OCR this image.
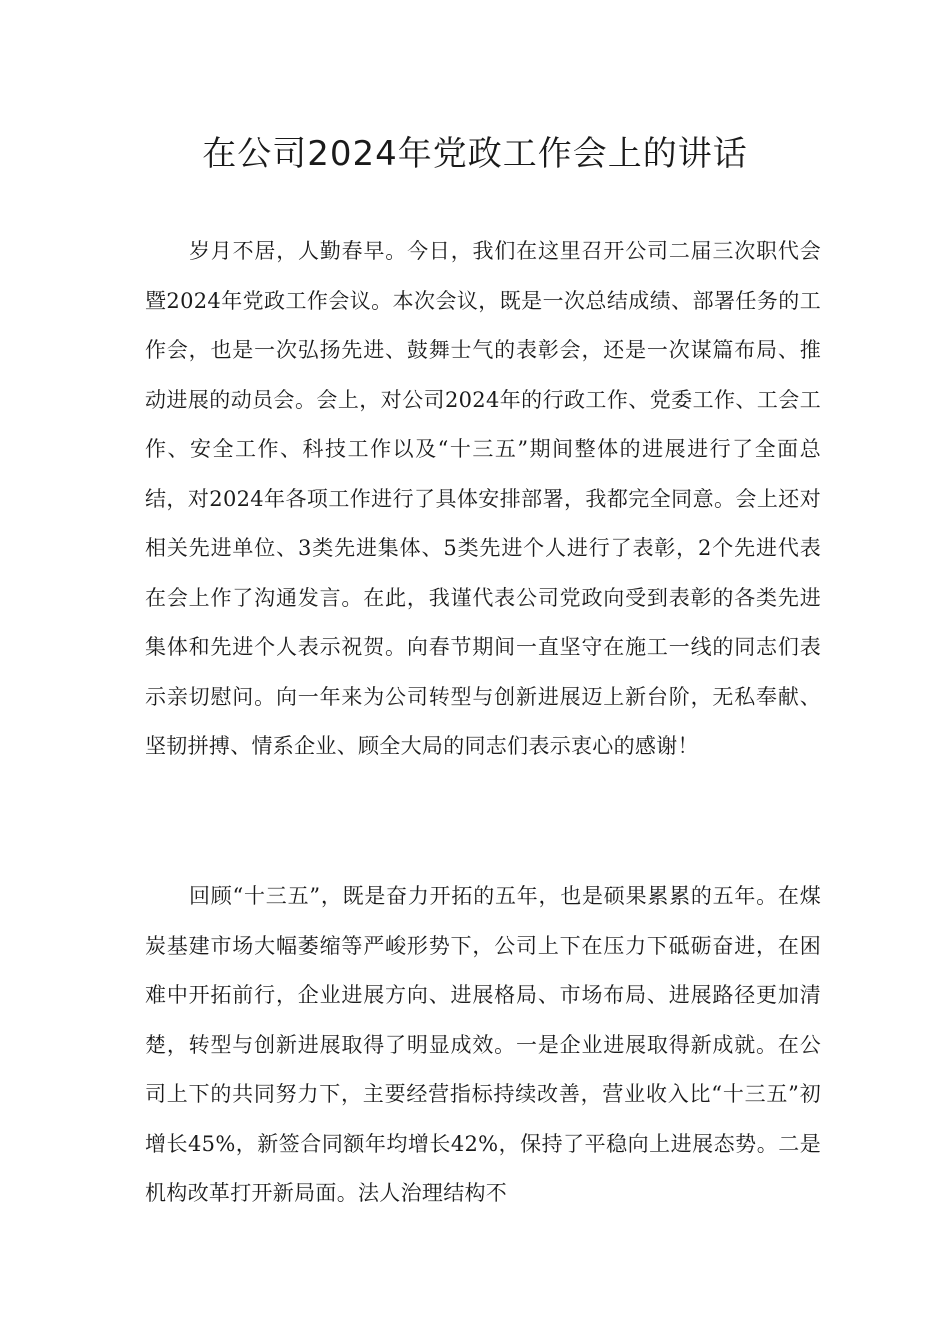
在公司2024年党政工作会上的讲话

岁月不居，人勤春早。今日，我们在这里召开公司二届三次职代会暨2024年党政工作会议。本次会议，既是一次总结成绩、部署任务的工作会，也是一次弘扬先进、鼓舞士气的表彰会，还是一次谋篇布局、推动进展的动员会。会上，对公司2024年的行政工作、党委工作、工会工作、安全工作、科技工作以及“十三五”期间整体的进展进行了全面总结，对2024年各项工作进行了具体安排部署，我都完全同意。会上还对相关先进单位、3类先进集体、5类先进个人进行了表彰，2个先进代表在会上作了沟通发言。在此，我谨代表公司党政向受到表彰的各类先进集体和先进个人表示祝贺。向春节期间一直坚守在施工一线的同志们表示亲切慰问。向一年来为公司转型与创新进展迈上新台阶，无私奉献、坚韧拼搏、情系企业、顾全大局的同志们表示衷心的感谢！

回顾“十三五”，既是奋力开拓的五年，也是硕果累累的五年。在煤炭基建市场大幅萎缩等严峻形势下，公司上下在压力下砥砺奋进，在困难中开拓前行，企业进展方向、进展格局、市场布局、进展路径更加清楚，转型与创新进展取得了明显成效。一是企业进展取得新成就。在公司上下的共同努力下，主要经营指标持续改善，营业收入比“十三五”初增长45%，新签合同额年均增长42%，保持了平稳向上进展态势。二是机构改革打开新局面。法人治理结构不
